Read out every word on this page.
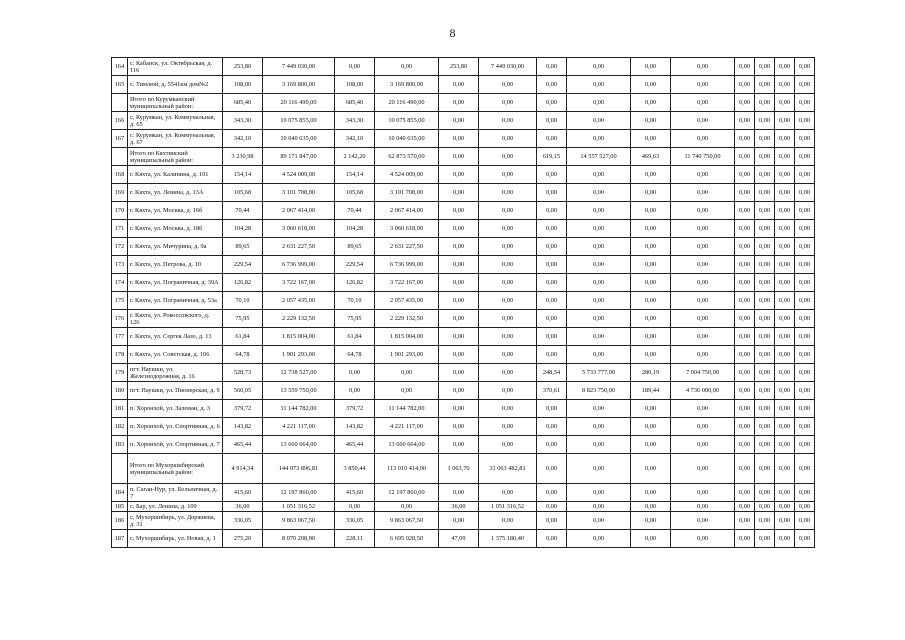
8
164	с. Кабанск, ул. Октябрьская, д. 116	253,80	7 449 030,00	0,00	0,00	253,80	7 449 030,00	0,00	0,00	0,00	0,00	0,00	0,00	0,00	0,00
165	с. Тимлюй, д. 5541км дом№2	108,00	3 169 800,00	108,00	3 169 800,00	0,00	0,00	0,00	0,00	0,00	0,00	0,00	0,00	0,00	0,00
	Итого по Курумканский муниципальный район:	685,40	20 116 490,00	685,40	20 116 490,00	0,00	0,00	0,00	0,00	0,00	0,00	0,00	0,00	0,00	0,00
166	с. Курумкан, ул. Коммунальная, д. 65	343,30	10 075 855,00	343,30	10 075 855,00	0,00	0,00	0,00	0,00	0,00	0,00	0,00	0,00	0,00	0,00
167	с. Курумкан, ул. Коммунальная, д. 67	342,10	10 040 635,00	342,10	10 040 635,00	0,00	0,00	0,00	0,00	0,00	0,00	0,00	0,00	0,00	0,00
	Итого по Кяхтинский муниципальный район:	3 230,98	89 171 847,00	2 142,20	62 873 570,00	0,00	0,00	619,15	14 557 527,00	469,63	11 740 750,00	0,00	0,00	0,00	0,00
168	г. Кяхта, ул. Калинина, д. 101	154,14	4 524 009,00	154,14	4 524 009,00	0,00	0,00	0,00	0,00	0,00	0,00	0,00	0,00	0,00	0,00
169	г. Кяхта, ул. Ленина, д. 13А	105,68	3 101 708,00	105,68	3 101 708,00	0,00	0,00	0,00	0,00	0,00	0,00	0,00	0,00	0,00	0,00
170	г. Кяхта, ул. Москва, д. 16б	70,44	2 067 414,00	70,44	2 067 414,00	0,00	0,00	0,00	0,00	0,00	0,00	0,00	0,00	0,00	0,00
171	г. Кяхта, ул. Москва, д. 18б	104,28	3 060 618,00	104,28	3 060 618,00	0,00	0,00	0,00	0,00	0,00	0,00	0,00	0,00	0,00	0,00
172	г. Кяхта, ул. Мичурина, д. 9а	89,65	2 631 227,50	89,65	2 631 227,50	0,00	0,00	0,00	0,00	0,00	0,00	0,00	0,00	0,00	0,00
173	г. Кяхта, ул. Петрова, д. 10	229,54	6 736 999,00	229,54	6 736 999,00	0,00	0,00	0,00	0,00	0,00	0,00	0,00	0,00	0,00	0,00
174	г. Кяхта, ул. Пограничная, д. 39А	126,82	3 722 167,00	126,82	3 722 167,00	0,00	0,00	0,00	0,00	0,00	0,00	0,00	0,00	0,00	0,00
175	г. Кяхта, ул. Пограничная, д. 53а	70,10	2 057 435,00	70,10	2 057 435,00	0,00	0,00	0,00	0,00	0,00	0,00	0,00	0,00	0,00	0,00
176	г. Кяхта, ул. Рокоссовского, д. 126	75,95	2 229 132,50	75,95	2 229 132,50	0,00	0,00	0,00	0,00	0,00	0,00	0,00	0,00	0,00	0,00
177	г. Кяхта, ул. Сергея Лазо, д. 13	61,84	1 815 004,00	61,84	1 815 004,00	0,00	0,00	0,00	0,00	0,00	0,00	0,00	0,00	0,00	0,00
178	г. Кяхта, ул. Советская, д. 106	64,78	1 901 293,00	64,78	1 901 293,00	0,00	0,00	0,00	0,00	0,00	0,00	0,00	0,00	0,00	0,00
179	пгт. Наушки, ул. Железнодорожная, д. 16	528,73	12 738 527,00	0,00	0,00	0,00	0,00	248,54	5 733 777,00	280,19	7 004 750,00	0,00	0,00	0,00	0,00
180	пгт. Наушки, ул. Пионерская, д. 9	560,05	13 559 750,00	0,00	0,00	0,00	0,00	370,61	8 823 750,00	189,44	4 736 000,00	0,00	0,00	0,00	0,00
181	п. Хоронхой, ул. Залеман, д. 3	379,72	11 144 782,00	379,72	11 144 782,00	0,00	0,00	0,00	0,00	0,00	0,00	0,00	0,00	0,00	0,00
182	п. Хоронхой, ул. Спортивная, д. 6	143,82	4 221 117,00	143,82	4 221 117,00	0,00	0,00	0,00	0,00	0,00	0,00	0,00	0,00	0,00	0,00
183	п. Хоронхой, ул. Спортивная, д. 7	465,44	13 660 664,00	465,44	13 660 664,00	0,00	0,00	0,00	0,00	0,00	0,00	0,00	0,00	0,00	0,00
	Итого по Мухоршибирский муниципальный район:	4 914,34	144 073 896,81	3 850,44	113 010 414,00	1 063,70	31 063 482,81	0,00	0,00	0,00	0,00	0,00	0,00	0,00	0,00
184	п. Саган-Нур, ул. Больничная, д. 7	415,60	12 197 860,00	415,60	12 197 860,00	0,00	0,00	0,00	0,00	0,00	0,00	0,00	0,00	0,00	0,00
185	с. Бар, ул. Ленина, д. 109	36,00	1 051 316,52	0,00	0,00	36,00	1 051 316,52	0,00	0,00	0,00	0,00	0,00	0,00	0,00	0,00
186	с. Мухоршибирь, ул. Доржиева, д. 31	336,05	9 863 067,50	336,05	9 863 067,50	0,00	0,00	0,00	0,00	0,00	0,00	0,00	0,00	0,00	0,00
187	с. Мухоршибирь, ул. Новая, д. 1	275,20	8 070 208,90	228,11	6 695 028,50	47,09	1 375 180,40	0,00	0,00	0,00	0,00	0,00	0,00	0,00	0,00
